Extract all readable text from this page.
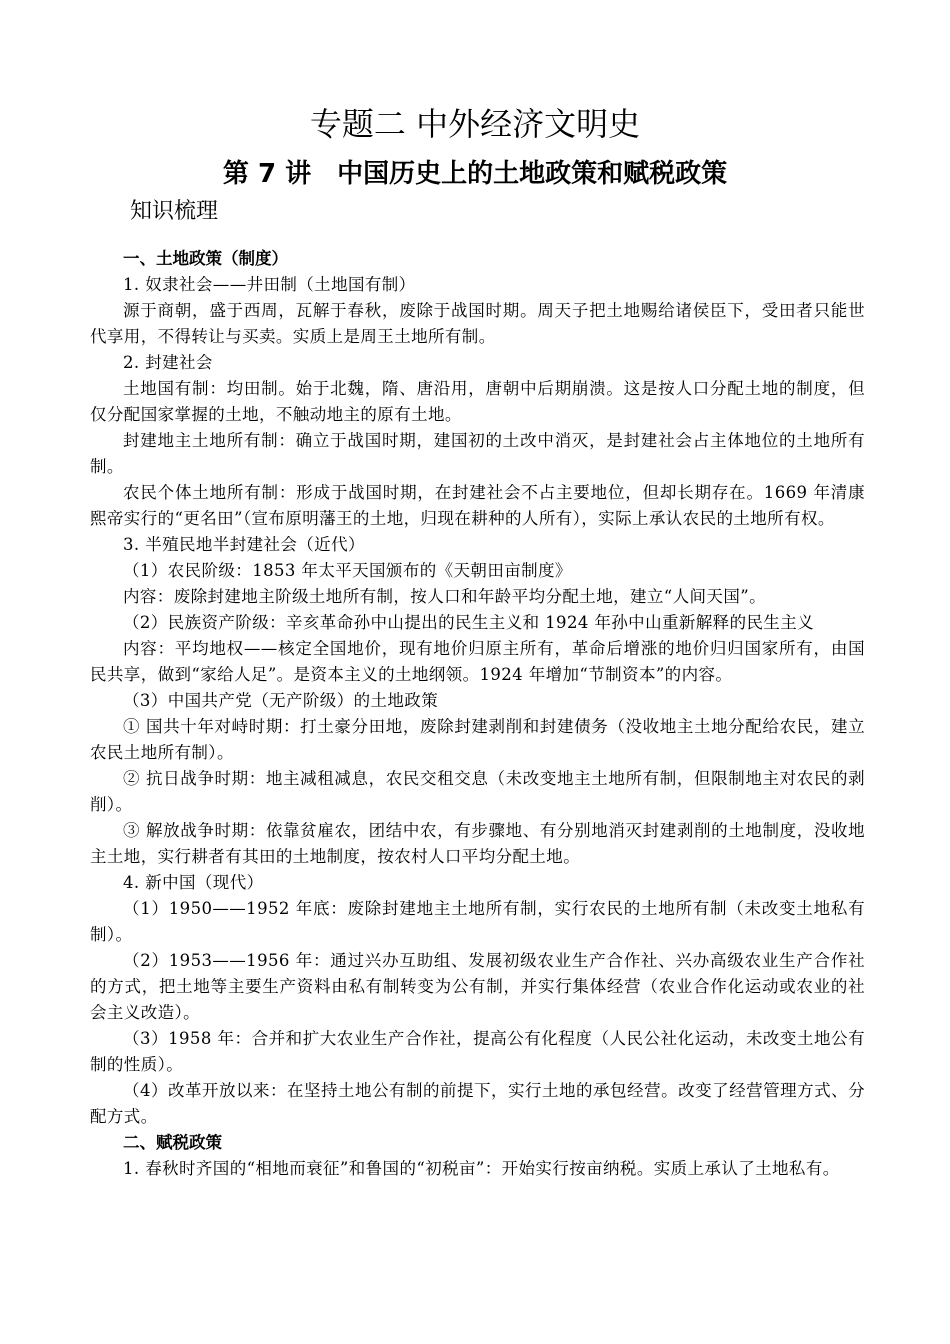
专题二 中外经济文明史
第 7 讲　中国历史上的土地政策和赋税政策
知识梳理

一、土地政策（制度）

1. 奴隶社会——井田制（土地国有制）

源于商朝，盛于西周，瓦解于春秋，废除于战国时期。周天子把土地赐给诸侯臣下，受田者只能世代享用，不得转让与买卖。实质上是周王土地所有制。

2. 封建社会

土地国有制：均田制。始于北魏，隋、唐沿用，唐朝中后期崩溃。这是按人口分配土地的制度，但仅分配国家掌握的土地，不触动地主的原有土地。

封建地主土地所有制：确立于战国时期，建国初的土改中消灭，是封建社会占主体地位的土地所有制。

农民个体土地所有制：形成于战国时期，在封建社会不占主要地位，但却长期存在。1669 年清康熙帝实行的“更名田”（宣布原明藩王的土地，归现在耕种的人所有），实际上承认农民的土地所有权。

3. 半殖民地半封建社会（近代）

（1）农民阶级：1853 年太平天国颁布的《天朝田亩制度》

内容：废除封建地主阶级土地所有制，按人口和年龄平均分配土地，建立“人间天国”。

（2）民族资产阶级：辛亥革命孙中山提出的民生主义和 1924 年孙中山重新解释的民生主义

内容：平均地权——核定全国地价，现有地价归原主所有，革命后增涨的地价归归国家所有，由国民共享，做到“家给人足”。是资本主义的土地纲领。1924 年增加“节制资本”的内容。

（3）中国共产党（无产阶级）的土地政策

① 国共十年对峙时期：打土豪分田地，废除封建剥削和封建债务（没收地主土地分配给农民，建立农民土地所有制）。

② 抗日战争时期：地主减租减息，农民交租交息（未改变地主土地所有制，但限制地主对农民的剥削）。

③ 解放战争时期：依靠贫雇农，团结中农，有步骤地、有分别地消灭封建剥削的土地制度，没收地主土地，实行耕者有其田的土地制度，按农村人口平均分配土地。

4. 新中国（现代）

（1）1950——1952 年底：废除封建地主土地所有制，实行农民的土地所有制（未改变土地私有制）。

（2）1953——1956 年：通过兴办互助组、发展初级农业生产合作社、兴办高级农业生产合作社的方式，把土地等主要生产资料由私有制转变为公有制，并实行集体经营（农业合作化运动或农业的社会主义改造）。

（3）1958 年：合并和扩大农业生产合作社，提高公有化程度（人民公社化运动，未改变土地公有制的性质）。

（4）改革开放以来：在坚持土地公有制的前提下，实行土地的承包经营。改变了经营管理方式、分配方式。

二、赋税政策

1. 春秋时齐国的“相地而衰征”和鲁国的“初税亩”：开始实行按亩纳税。实质上承认了土地私有。
